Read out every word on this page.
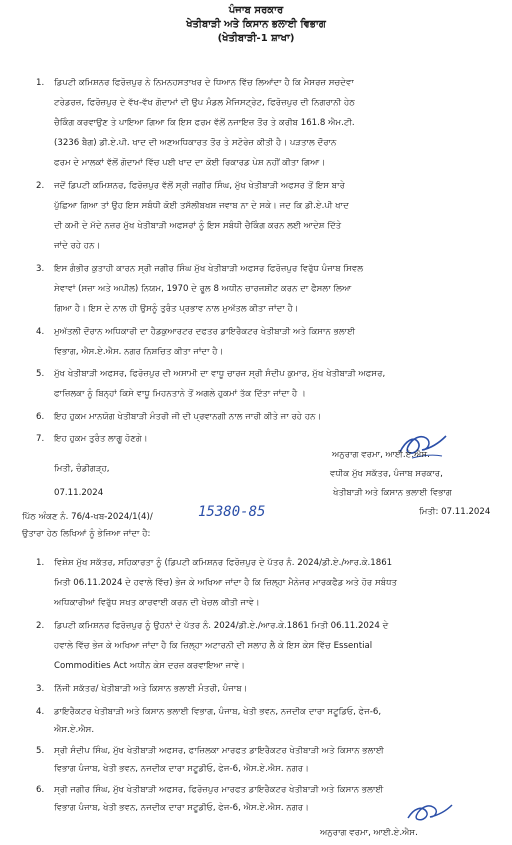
ਪੰਜਾਬ ਸਰਕਾਰ
ਖੇਤੀਬਾੜੀ ਅਤੇ ਕਿਸਾਨ ਭਲਾਈ ਵਿਭਾਗ
(ਖੇਤੀਬਾੜੀ-1 ਸ਼ਾਖਾ)
1. ਡਿਪਟੀ ਕਮਿਸ਼ਨਰ ਫਿਰੋਜ਼ਪੁਰ ਨੇ ਨਿਮਨਹਸਤਾਖਰ ਦੇ ਧਿਆਨ ਵਿੱਚ ਲਿਆਂਦਾ ਹੈ ਕਿ ਮੈਸਰਜ਼ ਸਚਦੇਵਾ
ਟਰੇਡਰਜ਼, ਫਿਰੋਜ਼ਪੁਰ ਦੇ ਵੱਖ-ਵੱਖ ਗੋਦਾਮਾਂ ਦੀ ਉਪ ਮੰਡਲ ਮੈਜਿਸਟ੍ਰੇਟ, ਫਿਰੋਜ਼ਪੁਰ ਦੀ ਨਿਗਰਾਨੀ ਹੇਠ
ਚੈਕਿੰਗ ਕਰਵਾਉਣ ਤੇ ਪਾਇਆ ਗਿਆ ਕਿ ਇਸ ਫਰਮ ਵੱਲੋਂ ਨਜਾਇਜ਼ ਤੌਰ ਤੇ ਕਰੀਬ 161.8 ਐਮ.ਟੀ.
(3236 ਬੈਗ) ਡੀ.ਏ.ਪੀ. ਖਾਦ ਦੀ ਅਣਅਧਿਕਾਰਤ ਤੌਰ ਤੇ ਸਟੋਰੇਜ਼ ਕੀਤੀ ਹੈ। ਪੜਤਾਲ ਦੌਰਾਨ
ਫਰਮ ਦੇ ਮਾਲਕਾਂ ਵੱਲੋਂ ਗੋਦਾਮਾਂ ਵਿੱਚ ਪਈ ਖਾਦ ਦਾ ਕੋਈ ਰਿਕਾਰਡ ਪੇਸ਼ ਨਹੀਂ ਕੀਤਾ ਗਿਆ।
2. ਜਦੋਂ ਡਿਪਟੀ ਕਮਿਸ਼ਨਰ, ਫਿਰੋਜ਼ਪੁਰ ਵੱਲੋਂ ਸ੍ਰੀ ਜਗੀਰ ਸਿੰਘ, ਮੁੱਖ ਖੇਤੀਬਾੜੀ ਅਫਸਰ ਤੋਂ ਇਸ ਬਾਰੇ
ਪੁੱਛਿਆ ਗਿਆ ਤਾਂ ਉਹ ਇਸ ਸਬੰਧੀ ਕੋਈ ਤਸੱਲੀਬਖਸ਼ ਜਵਾਬ ਨਾ ਦੇ ਸਕੇ। ਜਦ ਕਿ ਡੀ.ਏ.ਪੀ ਖਾਦ
ਦੀ ਕਮੀ ਦੇ ਮੱਦੇ ਨਜ਼ਰ ਮੁੱਖ ਖੇਤੀਬਾੜੀ ਅਫਸਰਾਂ ਨੂੰ ਇਸ ਸਬੰਧੀ ਚੈਕਿੰਗ ਕਰਨ ਲਈ ਆਦੇਸ਼ ਦਿੱਤੇ
ਜਾਂਦੇ ਰਹੇ ਹਨ।
3. ਇਸ ਗੰਭੀਰ ਕੁਤਾਹੀ ਕਾਰਨ ਸ੍ਰੀ ਜਗੀਰ ਸਿੰਘ ਮੁੱਖ ਖੇਤੀਬਾੜੀ ਅਫਸਰ ਫਿਰੋਜ਼ਪੁਰ ਵਿਰੁੱਧ ਪੰਜਾਬ ਸਿਵਲ
ਸੇਵਾਵਾਂ (ਸਜ਼ਾ ਅਤੇ ਅਪੀਲ) ਨਿਯਮ, 1970 ਦੇ ਰੂਲ 8 ਅਧੀਨ ਚਾਰਜਸ਼ੀਟ ਕਰਨ ਦਾ ਫੈਸਲਾ ਲਿਆ
ਗਿਆ ਹੈ। ਇਸ ਦੇ ਨਾਲ ਹੀ ਉਸਨੂੰ ਤੁਰੰਤ ਪ੍ਰਭਾਵ ਨਾਲ ਮੁਅੱਤਲ ਕੀਤਾ ਜਾਂਦਾ ਹੈ।
4. ਮੁਅੱਤਲੀ ਦੌਰਾਨ ਅਧਿਕਾਰੀ ਦਾ ਹੈਡਕੁਆਰਟਰ ਦਫਤਰ ਡਾਇਰੈਕਟਰ ਖੇਤੀਬਾੜੀ ਅਤੇ ਕਿਸਾਨ ਭਲਾਈ
ਵਿਭਾਗ, ਐਸ.ਏ.ਐਸ. ਨਗਰ ਨਿਸ਼ਚਿਤ ਕੀਤਾ ਜਾਂਦਾ ਹੈ।
5. ਮੁੱਖ ਖੇਤੀਬਾੜੀ ਅਫਸਰ, ਫਿਰੋਜ਼ਪੁਰ ਦੀ ਅਸਾਮੀ ਦਾ ਵਾਧੂ ਚਾਰਜ ਸ੍ਰੀ ਸੰਦੀਪ ਕੁਮਾਰ, ਮੁੱਖ ਖੇਤੀਬਾੜੀ ਅਫਸਰ,
ਫਾਜ਼ਿਲਕਾ ਨੂੰ ਬਿਨ੍ਹਾਂ ਕਿਸੇ ਵਾਧੂ ਮਿਹਨਤਾਨੇ ਤੋਂ ਅਗਲੇ ਹੁਕਮਾਂ ਤੱਕ ਦਿੱਤਾ ਜਾਂਦਾ ਹੈ ।
6. ਇਹ ਹੁਕਮ ਮਾਨਯੋਗ ਖੇਤੀਬਾੜੀ ਮੰਤਰੀ ਜੀ ਦੀ ਪ੍ਰਵਾਨਗੀ ਨਾਲ ਜਾਰੀ ਕੀਤੇ ਜਾ ਰਹੇ ਹਨ।
7. ਇਹ ਹੁਕਮ ਤੁਰੰਤ ਲਾਗੂ ਹੋਣਗੇ।
ਮਿਤੀ, ਚੰਡੀਗੜ੍ਹ,
07.11.2024
ਅਨੁਰਾਗ ਵਰਮਾ, ਆਈ.ਏ.ਐਸ.
ਵਧੀਕ ਮੁੱਖ ਸਕੱਤਰ, ਪੰਜਾਬ ਸਰਕਾਰ,
ਖੇਤੀਬਾੜੀ ਅਤੇ ਕਿਸਾਨ ਭਲਾਈ ਵਿਭਾਗ
ਮਿਤੀ: 07.11.2024
ਪਿੱਠ ਅੰਕਣ ਨੰ. 76/4-ਖਬ-2024/1(4)/	15380-85
ਉਤਾਰਾ ਹੇਠ ਲਿਖਿਆਂ ਨੂੰ ਭੇਜਿਆ ਜਾਂਦਾ ਹੈ:
1. ਵਿਸ਼ੇਸ਼ ਮੁੱਖ ਸਕੱਤਰ, ਸਹਿਕਾਰਤਾ ਨੂੰ (ਡਿਪਟੀ ਕਮਿਸ਼ਨਰ ਫਿਰੋਜ਼ਪੁਰ ਦੇ ਪੱਤਰ ਨੰ. 2024/ਡੀ.ਏ./ਆਰ.ਕੇ.1861
ਮਿਤੀ 06.11.2024 ਦੇ ਹਵਾਲੇ ਵਿੱਚ) ਭੇਜ ਕੇ ਅਖਿਆ ਜਾਂਦਾ ਹੈ ਕਿ ਜ਼ਿਲ੍ਹਾ ਮੈਨੇਜਰ ਮਾਰਕਫੈਡ ਅਤੇ ਹੋਰ ਸਬੰਧਤ
ਅਧਿਕਾਰੀਆਂ ਵਿਰੁੱਧ ਸਖਤ ਕਾਰਵਾਈ ਕਰਨ ਦੀ ਖੇਚਲ ਕੀਤੀ ਜਾਵੇ।
2. ਡਿਪਟੀ ਕਮਿਸ਼ਨਰ ਫਿਰੋਜ਼ਪੁਰ ਨੂੰ ਉਹਨਾਂ ਦੇ ਪੱਤਰ ਨੰ. 2024/ਡੀ.ਏ./ਆਰ.ਕੇ.1861 ਮਿਤੀ 06.11.2024 ਦੇ
ਹਵਾਲੇ ਵਿੱਚ ਭੇਜ ਕੇ ਅਖਿਆ ਜਾਂਦਾ ਹੈ ਕਿ ਜ਼ਿਲ੍ਹਾ ਅਟਾਰਨੀ ਦੀ ਸਲਾਹ ਲੈ ਕੇ ਇਸ ਕੇਸ ਵਿੱਚ Essential
Commodities Act ਅਧੀਨ ਕੇਸ ਦਰਜ਼ ਕਰਵਾਇਆ ਜਾਵੇ।
3. ਨਿੱਜੀ ਸਕੱਤਰ/ ਖੇਤੀਬਾੜੀ ਅਤੇ ਕਿਸਾਨ ਭਲਾਈ ਮੰਤਰੀ, ਪੰਜਾਬ।
4. ਡਾਇਰੈਕਟਰ ਖੇਤੀਬਾੜੀ ਅਤੇ ਕਿਸਾਨ ਭਲਾਈ ਵਿਭਾਗ, ਪੰਜਾਬ, ਖੇਤੀ ਭਵਨ, ਨਜਦੀਕ ਦਾਰਾ ਸਟੂਡਿਓ, ਫੇਜ-6,
ਐਸ.ਏ.ਐਸ.
5. ਸ੍ਰੀ ਸੰਦੀਪ ਸਿੰਘ, ਮੁੱਖ ਖੇਤੀਬਾੜੀ ਅਫਸਰ, ਫਾਜ਼ਿਲਕਾ ਮਾਰਫਤ ਡਾਇਰੈਕਟਰ ਖੇਤੀਬਾੜੀ ਅਤੇ ਕਿਸਾਨ ਭਲਾਈ
ਵਿਭਾਗ ਪੰਜਾਬ, ਖੇਤੀ ਭਵਨ, ਨਜਦੀਕ ਦਾਰਾ ਸਟੂਡੀਓ, ਫੇਜ-6, ਐਸ.ਏ.ਐਸ. ਨਗਰ।
6. ਸ੍ਰੀ ਜਗੀਰ ਸਿੰਘ, ਮੁੱਖ ਖੇਤੀਬਾੜੀ ਅਫਸਰ, ਫਿਰੋਜ਼ਪੁਰ ਮਾਰਫਤ ਡਾਇਰੈਕਟਰ ਖੇਤੀਬਾੜੀ ਅਤੇ ਕਿਸਾਨ ਭਲਾਈ
ਵਿਭਾਗ ਪੰਜਾਬ, ਖੇਤੀ ਭਵਨ, ਨਜਦੀਕ ਦਾਰਾ ਸਟੂਡੀਓ, ਫੇਜ-6, ਐਸ.ਏ.ਐਸ. ਨਗਰ।
ਅਨੁਰਾਗ ਵਰਮਾ, ਆਈ.ਏ.ਐਸ.
